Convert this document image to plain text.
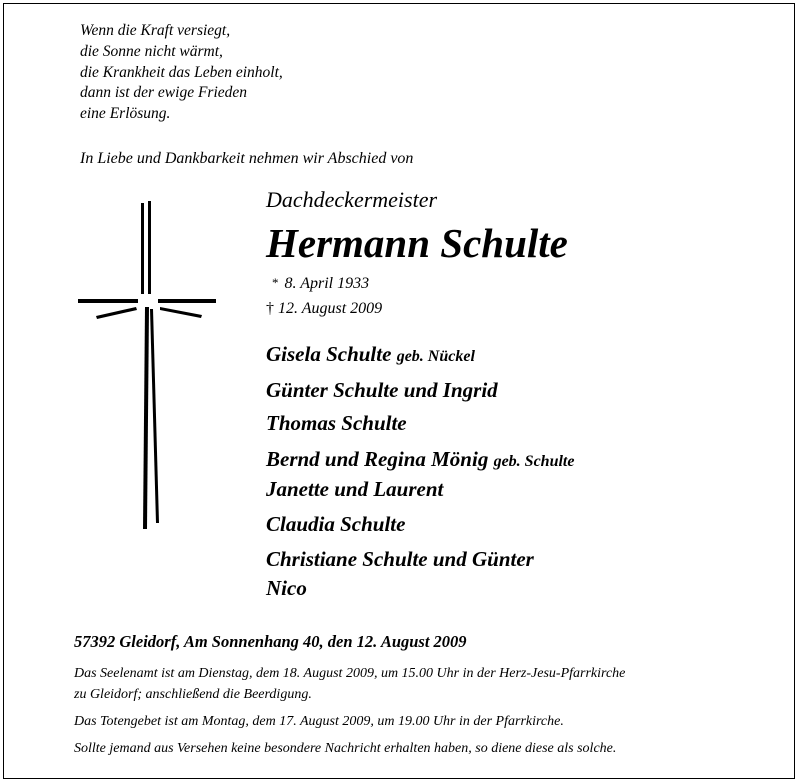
Wenn die Kraft versiegt,
die Sonne nicht wärmt,
die Krankheit das Leben einholt,
dann ist der ewige Frieden
eine Erlösung.
In Liebe und Dankbarkeit nehmen wir Abschied von
Dachdeckermeister
Hermann Schulte
* 8. April 1933
† 12. August 2009
Gisela Schulte geb. Nückel
Günter Schulte und Ingrid
Thomas Schulte
Bernd und Regina Mönig geb. Schulte
Janette und Laurent
Claudia Schulte
Christiane Schulte und Günter
Nico
57392 Gleidorf, Am Sonnenhang 40, den 12. August 2009
Das Seelenamt ist am Dienstag, dem 18. August 2009, um 15.00 Uhr in der Herz-Jesu-Pfarrkirche
zu Gleidorf; anschließend die Beerdigung.
Das Totengebet ist am Montag, dem 17. August 2009, um 19.00 Uhr in der Pfarrkirche.
Sollte jemand aus Versehen keine besondere Nachricht erhalten haben, so diene diese als solche.
